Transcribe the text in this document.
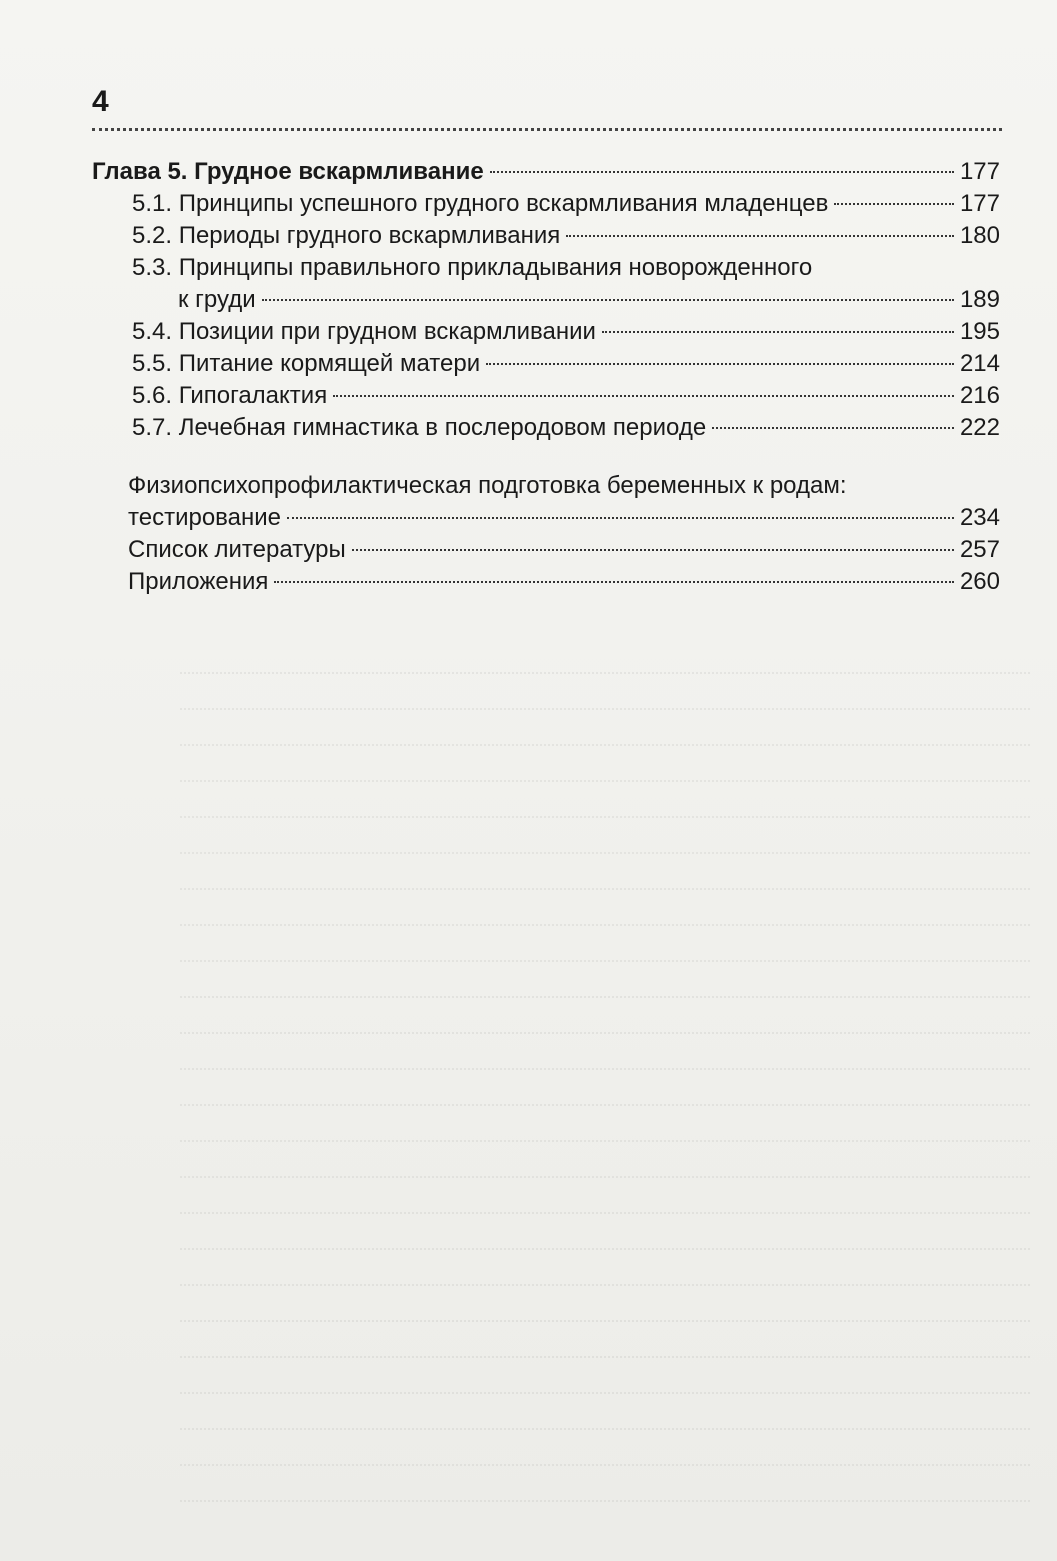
4
Глава 5. Грудное вскармливание	177
5.1. Принципы успешного грудного вскармливания младенцев	177
5.2. Периоды грудного вскармливания	180
5.3. Принципы правильного прикладывания новорожденного
к груди	189
5.4. Позиции при грудном вскармливании	195
5.5. Питание кормящей матери	214
5.6. Гипогалактия	216
5.7. Лечебная гимнастика в послеродовом периоде	222
Физиопсихопрофилактическая подготовка беременных к родам:
тестирование	234
Список литературы	257
Приложения	260
